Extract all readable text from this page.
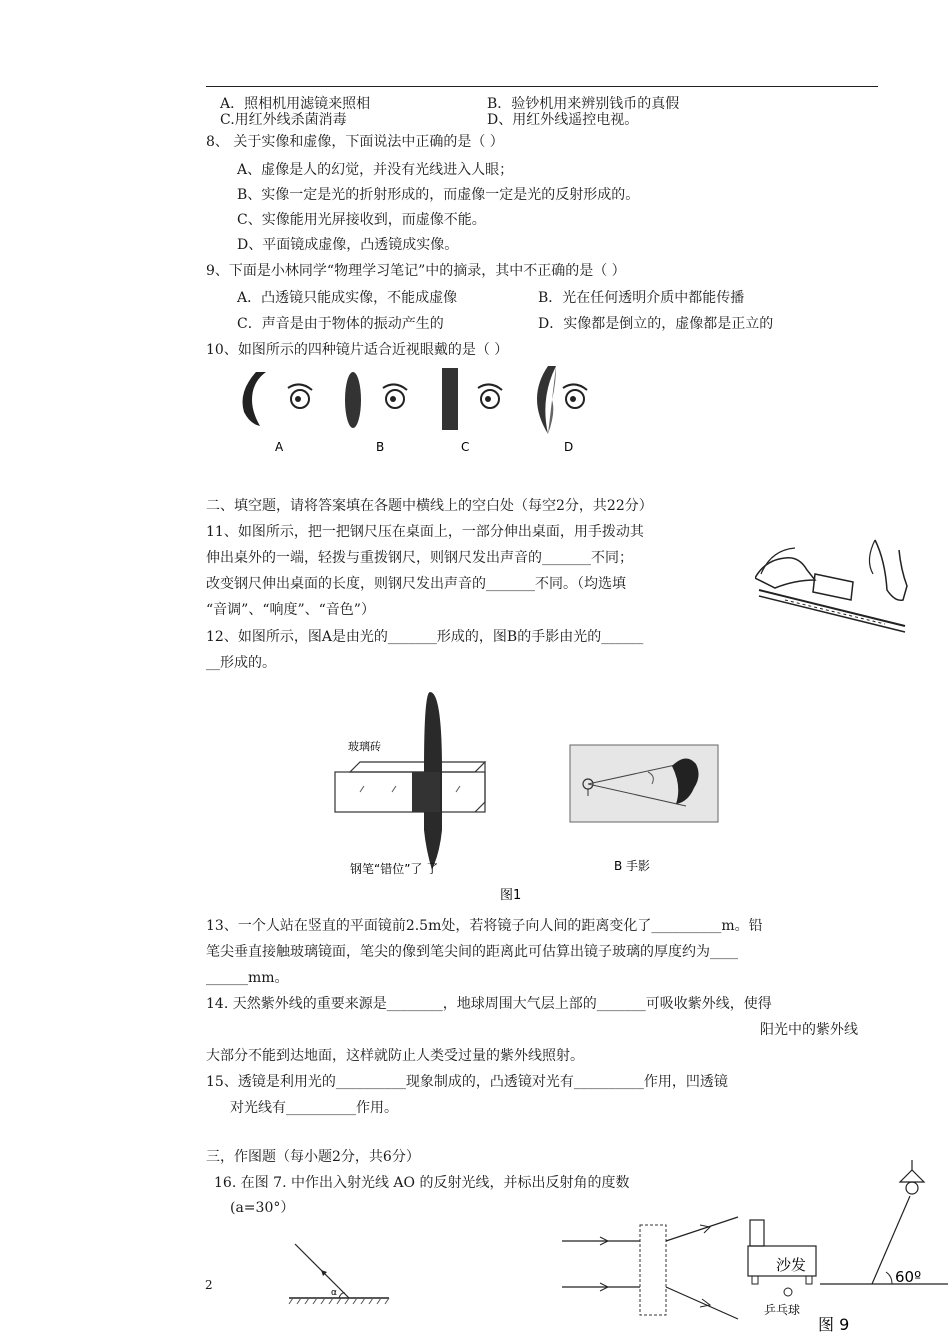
A．照相机用滤镜来照相	B．验钞机用来辨别钱币的真假
C.用红外线杀菌消毒	D、用红外线遥控电视。
8、 关于实像和虚像，下面说法中正确的是（ ）
A、虚像是人的幻觉，并没有光线进入人眼；
B、实像一定是光的折射形成的，而虚像一定是光的反射形成的。
C、实像能用光屏接收到，而虚像不能。
D、平面镜成虚像，凸透镜成实像。
9、下面是小林同学“物理学习笔记”中的摘录，其中不正确的是（ ）
A．凸透镜只能成实像，不能成虚像	B．光在任何透明介质中都能传播
C．声音是由于物体的振动产生的	D．实像都是倒立的，虚像都是正立的
10、如图所示的四种镜片适合近视眼戴的是（ ）
A	B	C	D
二、填空题，请将答案填在各题中横线上的空白处（每空2分，共22分）
11、如图所示，把一把钢尺压在桌面上，一部分伸出桌面，用手拨动其
伸出桌外的一端，轻拨与重拨钢尺，则钢尺发出声音的_______不同；
改变钢尺伸出桌面的长度，则钢尺发出声音的_______不同。（均选填
“音调”、“响度”、“音色”）
12、如图所示，图A是由光的_______形成的，图B的手影由光的______
__形成的。
玻璃砖
钢笔“错位”了 了	B 手影
图1
13、一个人站在竖直的平面镜前2.5m处，若将镜子向人间的距离变化了__________m。铅
笔尖垂直接触玻璃镜面，笔尖的像到笔尖间的距离此可估算出镜子玻璃的厚度约为____
______mm。
14. 天然紫外线的重要来源是________，地球周围大气层上部的_______可吸收紫外线，使得
阳光中的紫外线
大部分不能到达地面，这样就防止人类受过量的紫外线照射。
15、透镜是利用光的__________现象制成的，凸透镜对光有__________作用，凹透镜
对光线有__________作用。
三，作图题（每小题2分，共6分）
16. 在图 7. 中作出入射光线 AO 的反射光线，并标出反射角的度数
(a=30°）
2
α
60º
沙发
乒乓球
图 9
